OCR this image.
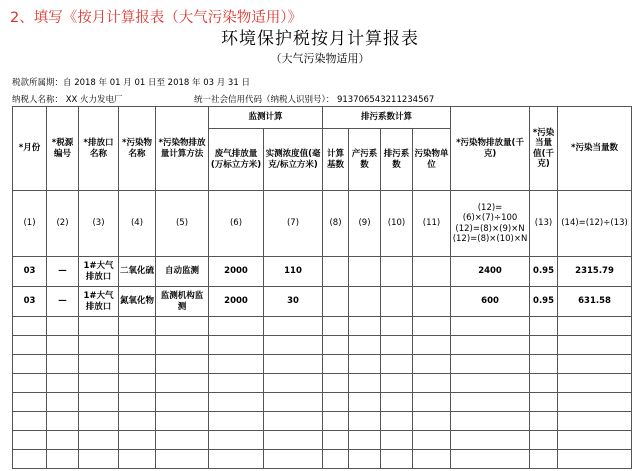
2、填写《按月计算报表（大气污染物适用）》
环境保护税按月计算报表
（大气污染物适用）
税款所属期：自 2018 年 01 月 01 日至 2018 年 03 月 31 日
纳税人名称： XX 火力发电厂	统一社会信用代码（纳税人识别号）： 913706543211234567
*月份	*税源编号	*排放口名称	*污染物名称	*污染物排放量计算方法	监测计算		排污系数计算				*污染物排放量(千克)	*污染当量值(千克)	*污染当量数
					废气排放量(万标立方米)	实测浓度值(毫克/标立方米)	计算基数	产污系数	排污系数	污染物单位			
(1)	(2)	(3)	(4)	(5)	(6)	(7)	(8)	(9)	(10)	(11)	(12)=(6)×(7)÷100
(12)=(8)×(9)×N
(12)=(8)×(10)×N	(13)	(14)=(12)÷(13)
03	—	1#大气排放口	二氧化硫	自动监测	2000	110					2400	0.95	2315.79
03	—	1#大气排放口	氮氧化物	监测机构监测	2000	30					600	0.95	631.58
